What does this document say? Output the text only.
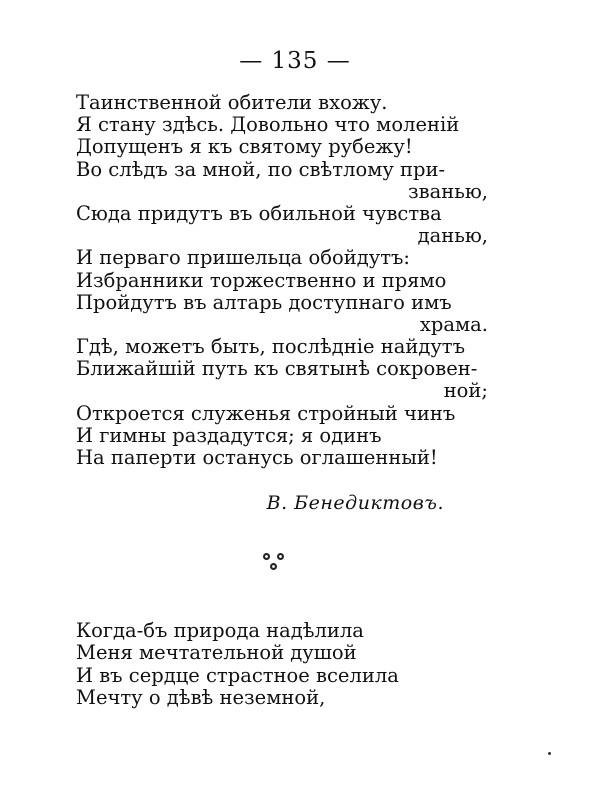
— 135 —
Таинственной обители вхожу.
Я стану здѣсь. Довольно что моленій
Допущенъ я къ святому рубежу!
Во слѣдъ за мной, по свѣтлому при-
званью,
Сюда придутъ въ обильной чувства
данью,
И перваго пришельца обойдутъ:
Избранники торжественно и прямо
Пройдутъ въ алтарь доступнаго имъ
храма.
Гдѣ, можетъ быть, послѣдніе найдутъ
Ближайшій путь къ святынѣ сокровен-
ной;
Откроется служенья стройный чинъ
И гимны раздадутся; я одинъ
На паперти останусь оглашенный!
В. Бенедиктовъ.
Когда-бъ природа надѣлила
Меня мечтательной душой
И въ сердце страстное вселила
Мечту о дѣвѣ неземной,
